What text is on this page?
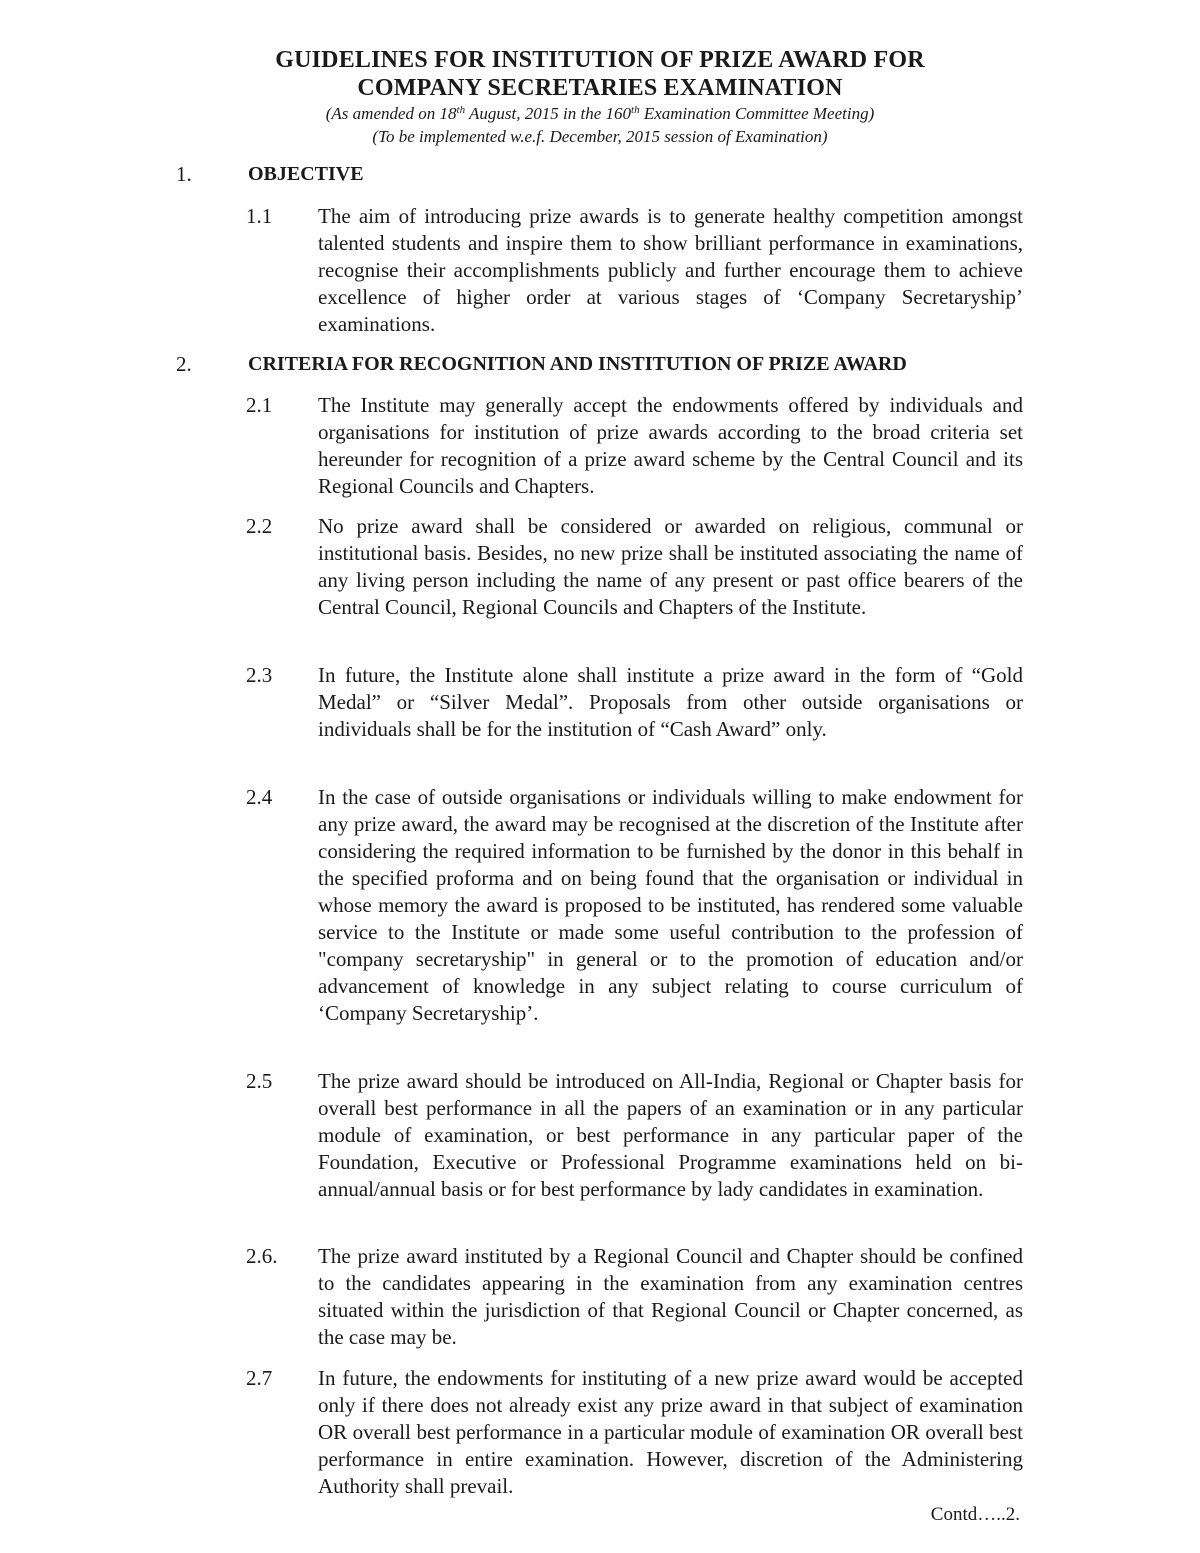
GUIDELINES FOR INSTITUTION OF PRIZE AWARD FOR
COMPANY SECRETARIES EXAMINATION
(As amended on 18th August, 2015 in the 160th Examination Committee Meeting)
(To be implemented w.e.f. December, 2015 session of Examination)
1.	OBJECTIVE
1.1 The aim of introducing prize awards is to generate healthy competition amongst talented students and inspire them to show brilliant performance in examinations, recognise their accomplishments publicly and further encourage them to achieve excellence of higher order at various stages of ‘Company Secretaryship’ examinations.

2.	CRITERIA FOR RECOGNITION AND INSTITUTION OF PRIZE AWARD
2.1 The Institute may generally accept the endowments offered by individuals and organisations for institution of prize awards according to the broad criteria set hereunder for recognition of a prize award scheme by the Central Council and its Regional Councils and Chapters.

2.2 No prize award shall be considered or awarded on religious, communal or institutional basis. Besides, no new prize shall be instituted associating the name of any living person including the name of any present or past office bearers of the Central Council, Regional Councils and Chapters of the Institute.

2.3 In future, the Institute alone shall institute a prize award in the form of “Gold Medal” or “Silver Medal”. Proposals from other outside organisations or individuals shall be for the institution of “Cash Award” only.

2.4 In the case of outside organisations or individuals willing to make endowment for any prize award, the award may be recognised at the discretion of the Institute after considering the required information to be furnished by the donor in this behalf in the specified proforma and on being found that the organisation or individual in whose memory the award is proposed to be instituted, has rendered some valuable service to the Institute or made some useful contribution to the profession of "company secretaryship" in general or to the promotion of education and/or advancement of knowledge in any subject relating to course curriculum of ‘Company Secretaryship’.

2.5 The prize award should be introduced on All-India, Regional or Chapter basis for overall best performance in all the papers of an examination or in any particular module of examination, or best performance in any particular paper of the Foundation, Executive or Professional Programme examinations held on bi-annual/annual basis or for best performance by lady candidates in examination.

2.6. The prize award instituted by a Regional Council and Chapter should be confined to the candidates appearing in the examination from any examination centres situated within the jurisdiction of that Regional Council or Chapter concerned, as the case may be.

2.7 In future, the endowments for instituting of a new prize award would be accepted only if there does not already exist any prize award in that subject of examination OR overall best performance in a particular module of examination OR overall best performance in entire examination. However, discretion of the Administering Authority shall prevail.

Contd…..2.
